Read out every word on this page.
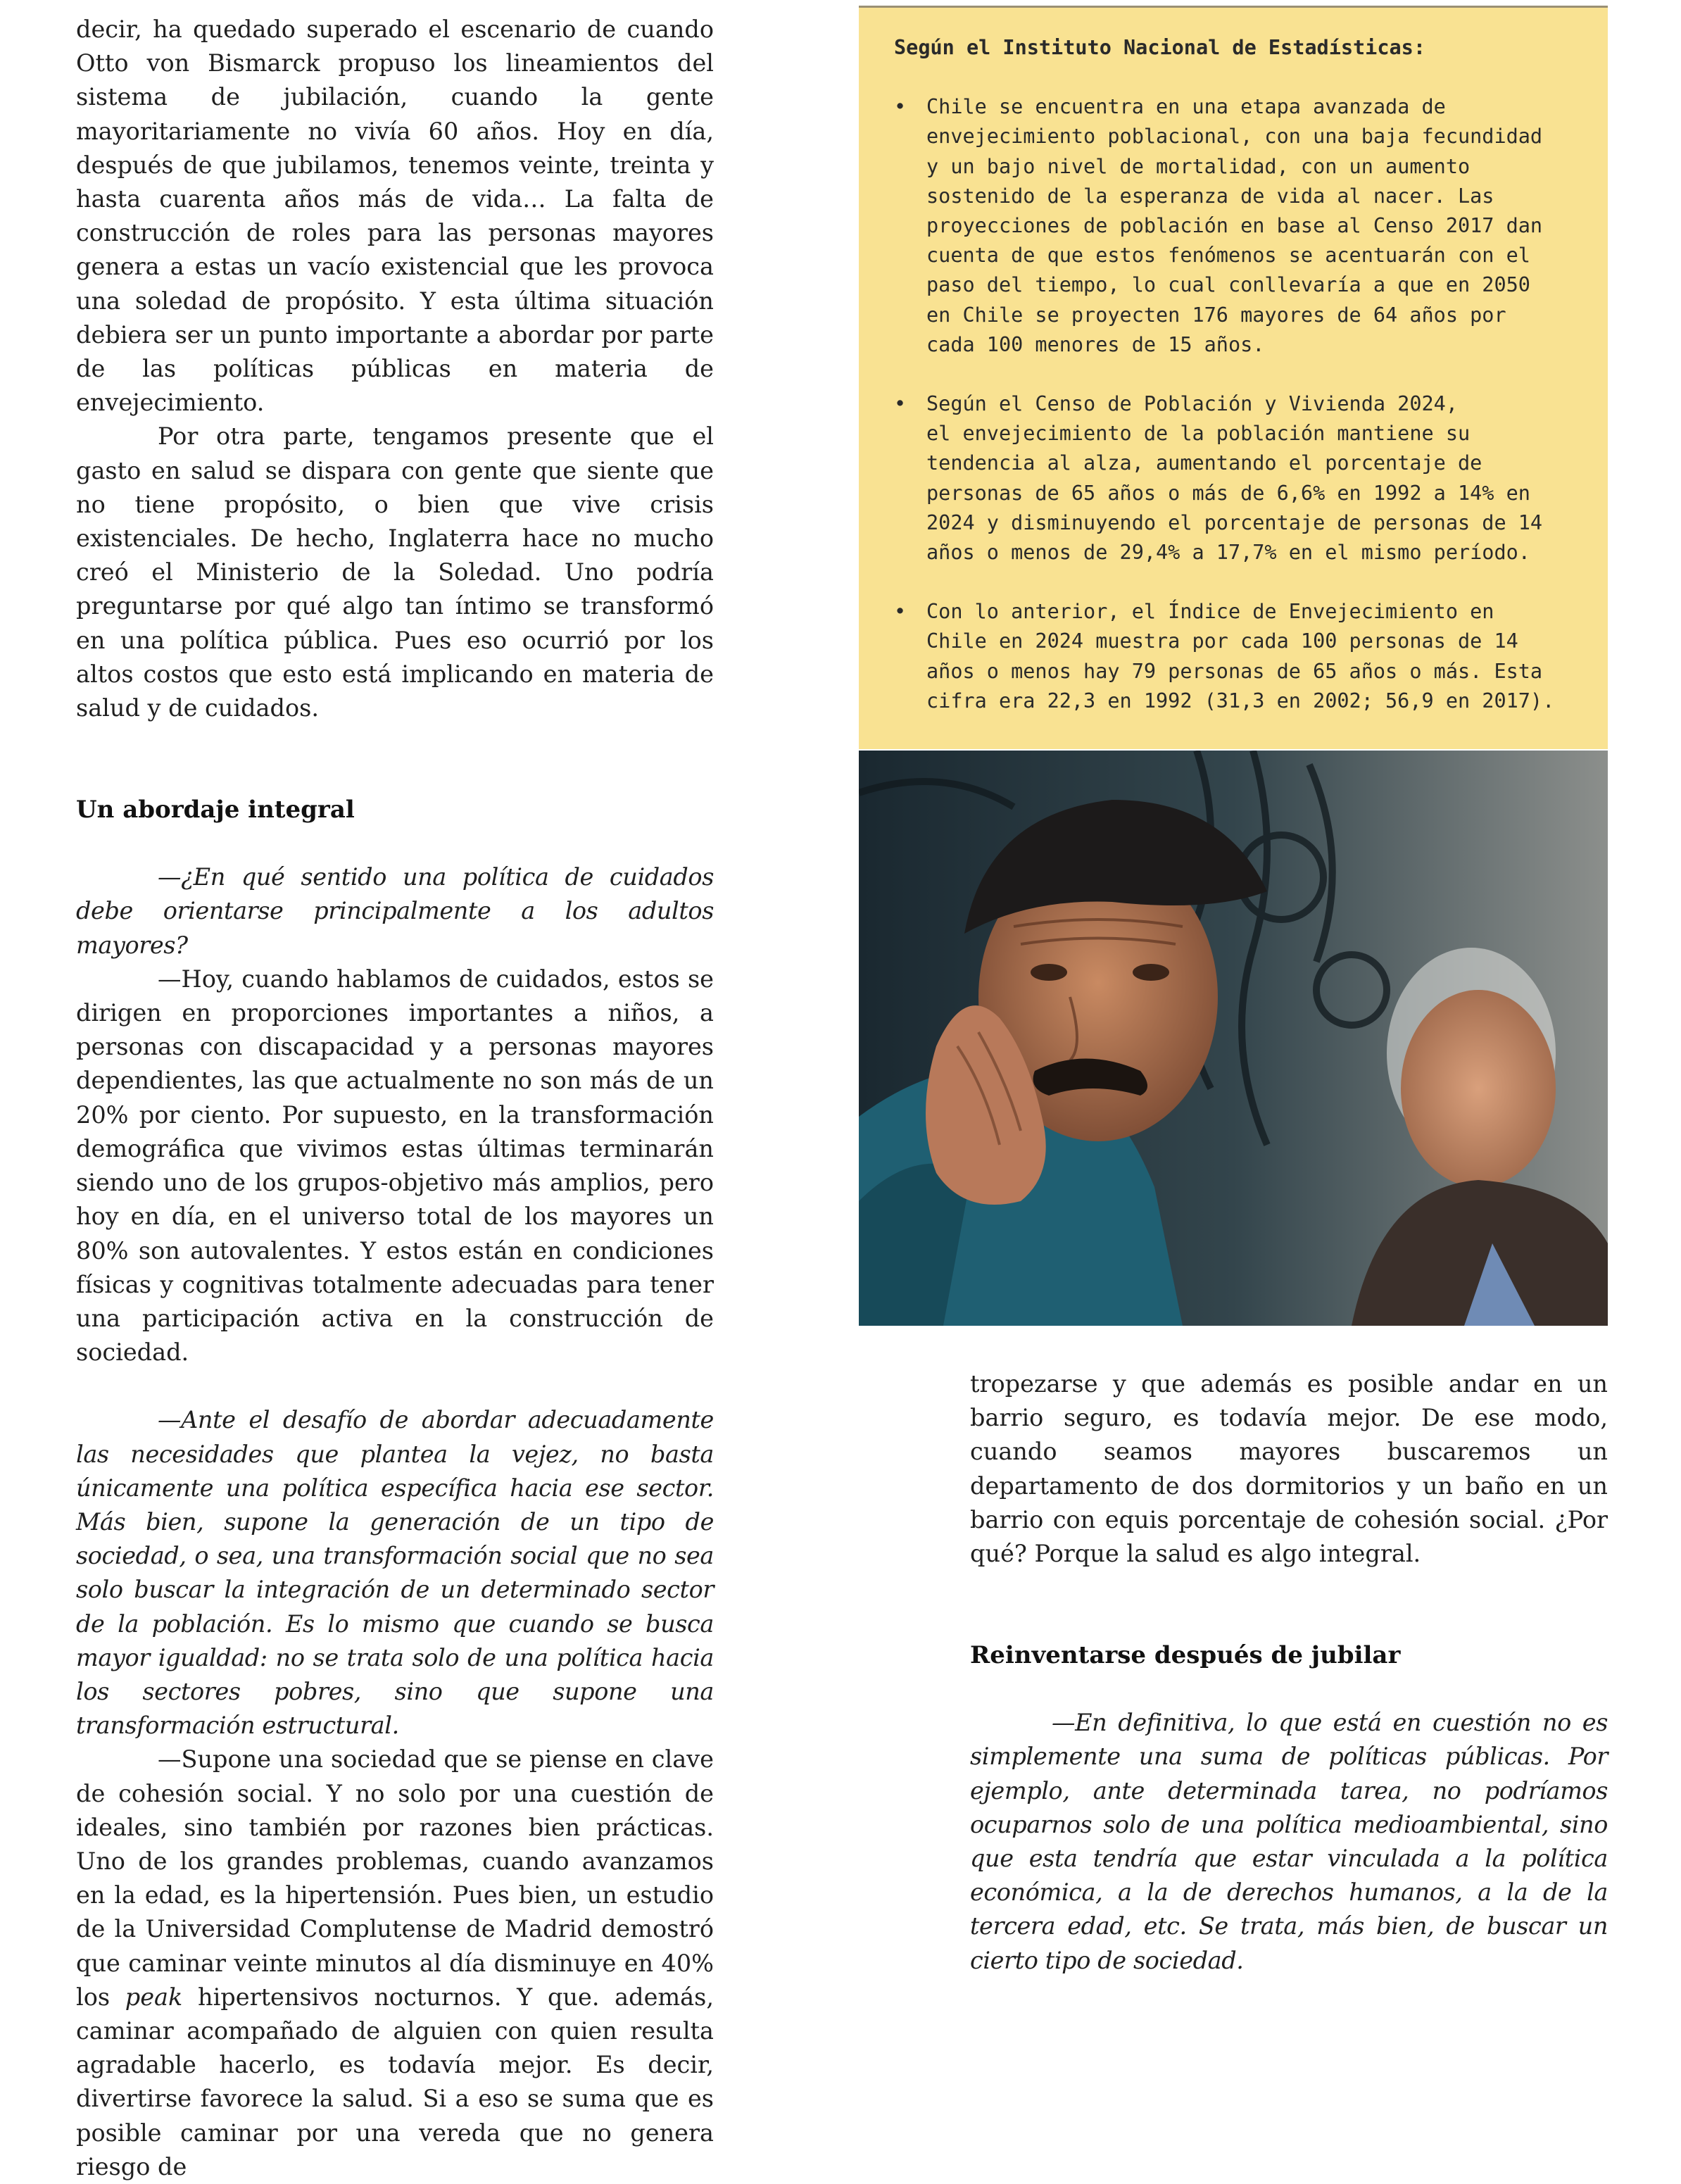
decir, ha quedado superado el escenario de cuando Otto von Bismarck propuso los lineamientos del sistema de jubilación, cuando la gente mayoritariamente no vivía 60 años. Hoy en día, después de que jubilamos, tenemos veinte, treinta y hasta cuarenta años más de vida… La falta de construcción de roles para las personas mayores genera a estas un vacío existencial que les provoca una soledad de propósito. Y esta última situación debiera ser un punto importante a abordar por parte de las políticas públicas en materia de envejecimiento.

Por otra parte, tengamos presente que el gasto en salud se dispara con gente que siente que no tiene propósito, o bien que vive crisis existenciales. De hecho, Inglaterra hace no mucho creó el Ministerio de la Soledad. Uno podría preguntarse por qué algo tan íntimo se transformó en una política pública. Pues eso ocurrió por los altos costos que esto está implicando en materia de salud y de cuidados.

Un abordaje integral

—¿En qué sentido una política de cuidados debe orientarse principalmente a los adultos mayores?

—Hoy, cuando hablamos de cuidados, estos se dirigen en proporciones importantes a niños, a personas con discapacidad y a personas mayores dependientes, las que actualmente no son más de un 20% por ciento. Por supuesto, en la transformación demográfica que vivimos estas últimas terminarán siendo uno de los grupos-objetivo más amplios, pero hoy en día, en el universo total de los mayores un 80% son autovalentes. Y estos están en condiciones físicas y cognitivas totalmente adecuadas para tener una participación activa en la construcción de sociedad.

—Ante el desafío de abordar adecuadamente las necesidades que plantea la vejez, no basta únicamente una política específica hacia ese sector. Más bien, supone la generación de un tipo de sociedad, o sea, una transformación social que no sea solo buscar la integración de un determinado sector de la población. Es lo mismo que cuando se busca mayor igualdad: no se trata solo de una política hacia los sectores pobres, sino que supone una transformación estructural.

—Supone una sociedad que se piense en clave de cohesión social. Y no solo por una cuestión de ideales, sino también por razones bien prácticas. Uno de los grandes problemas, cuando avanzamos en la edad, es la hipertensión. Pues bien, un estudio de la Universidad Complutense de Madrid demostró que caminar veinte minutos al día disminuye en 40% los peak hipertensivos nocturnos. Y que. además, caminar acompañado de alguien con quien resulta agradable hacerlo, es todavía mejor. Es decir, divertirse favorece la salud. Si a eso se suma que es posible caminar por una vereda que no genera riesgo de

Según el Instituto Nacional de Estadísticas:
• Chile se encuentra en una etapa avanzada de
envejecimiento poblacional, con una baja fecundidad
y un bajo nivel de mortalidad, con un aumento
sostenido de la esperanza de vida al nacer. Las
proyecciones de población en base al Censo 2017 dan
cuenta de que estos fenómenos se acentuarán con el
paso del tiempo, lo cual conllevaría a que en 2050
en Chile se proyecten 176 mayores de 64 años por
cada 100 menores de 15 años.
• Según el Censo de Población y Vivienda 2024,
el envejecimiento de la población mantiene su
tendencia al alza, aumentando el porcentaje de
personas de 65 años o más de 6,6% en 1992 a 14% en
2024 y disminuyendo el porcentaje de personas de 14
años o menos de 29,4% a 17,7% en el mismo período.
• Con lo anterior, el Índice de Envejecimiento en
Chile en 2024 muestra por cada 100 personas de 14
años o menos hay 79 personas de 65 años o más. Esta
cifra era 22,3 en 1992 (31,3 en 2002; 56,9 en 2017).

tropezarse y que además es posible andar en un barrio seguro, es todavía mejor. De ese modo, cuando seamos mayores buscaremos un departamento de dos dormitorios y un baño en un barrio con equis porcentaje de cohesión social. ¿Por qué? Porque la salud es algo integral.

Reinventarse después de jubilar

—En definitiva, lo que está en cuestión no es simplemente una suma de políticas públicas. Por ejemplo, ante determinada tarea, no podríamos ocuparnos solo de una política medioambiental, sino que esta tendría que estar vinculada a la política económica, a la de derechos humanos, a la de la tercera edad, etc. Se trata, más bien, de buscar un cierto tipo de sociedad.
